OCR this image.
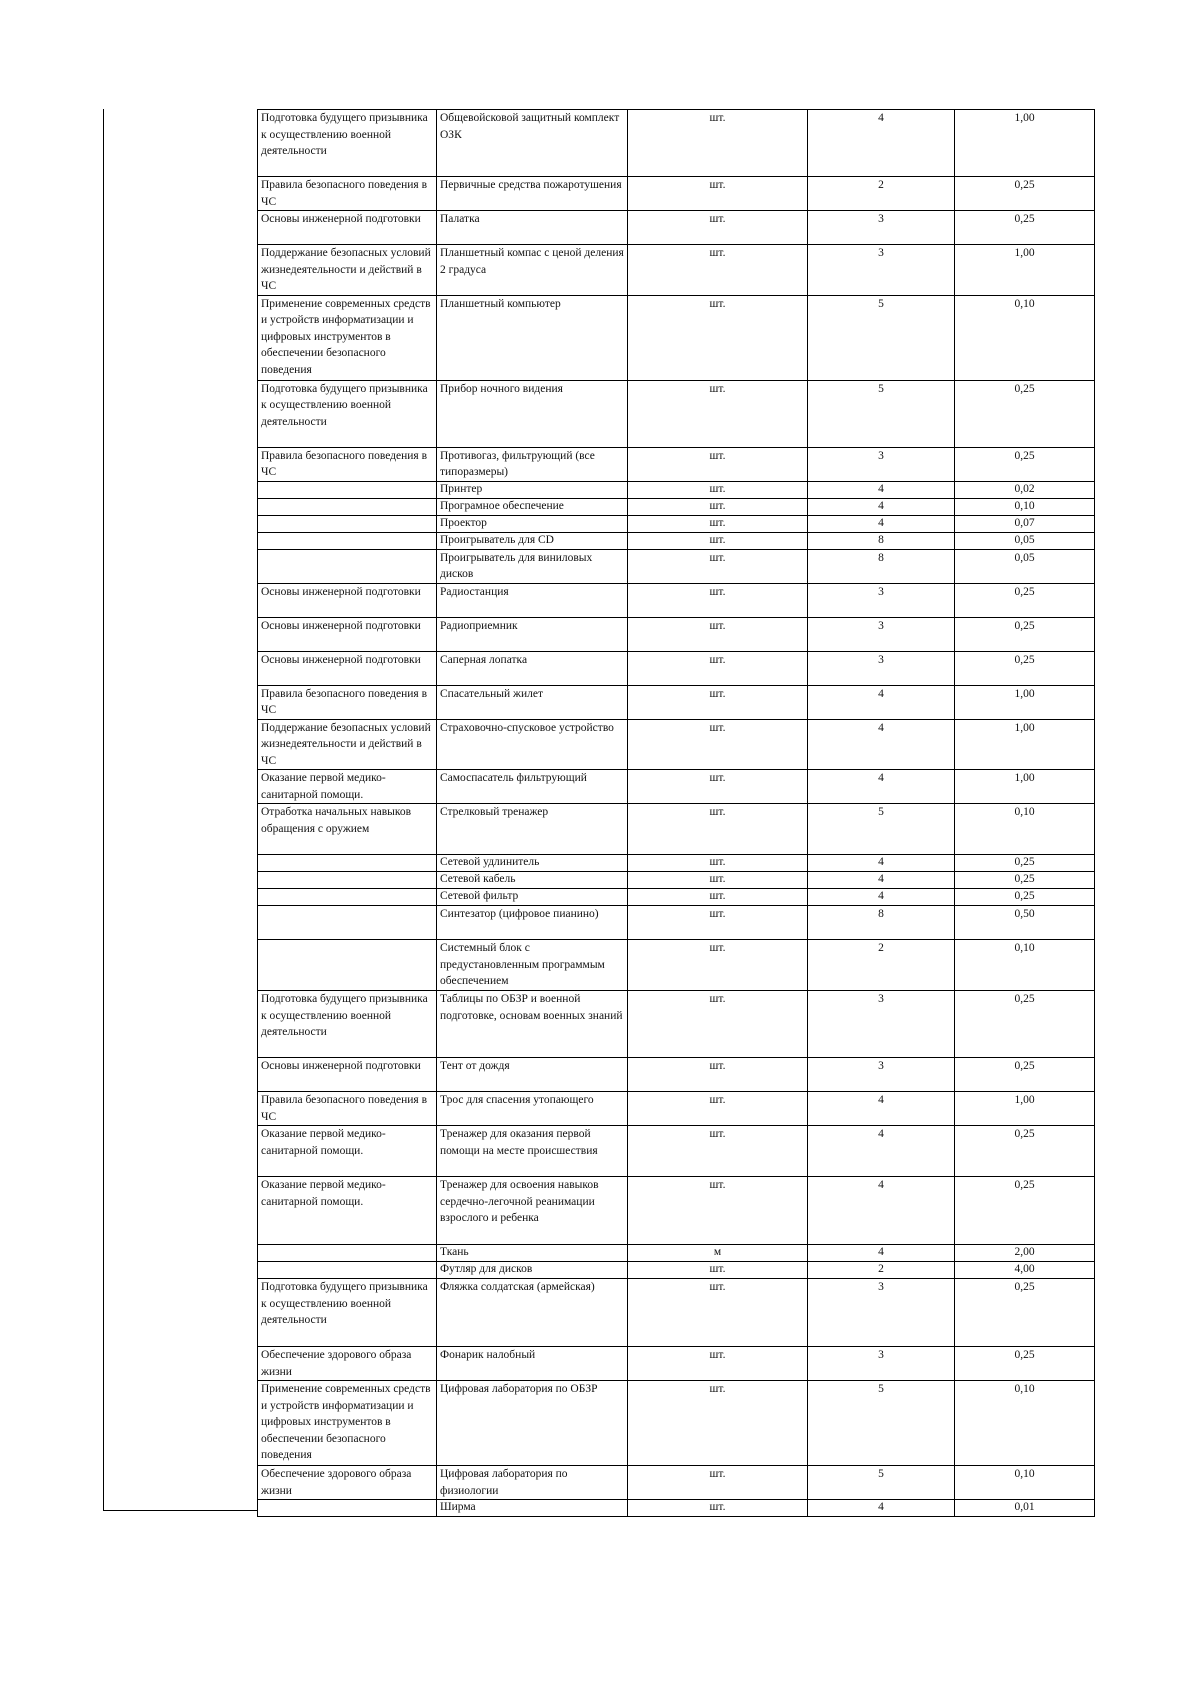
Подготовка будущего призывника к осуществлению военной деятельности	Общевойсковой защитный комплект ОЗК	шт.	4	1,00
Правила безопасного поведения в ЧС	Первичные средства пожаротушения	шт.	2	0,25
Основы инженерной подготовки	Палатка	шт.	3	0,25
Поддержание безопасных условий жизнедеятельности и действий в ЧС	Планшетный компас с ценой деления 2 градуса	шт.	3	1,00
Применение современных средств и устройств информатизации и цифровых инструментов в обеспечении безопасного поведения	Планшетный компьютер	шт.	5	0,10
Подготовка будущего призывника к осуществлению военной деятельности	Прибор ночного видения	шт.	5	0,25
Правила безопасного поведения в ЧС	Противогаз, фильтрующий (все типоразмеры)	шт.	3	0,25
	Принтер	шт.	4	0,02
	Програмное обеспечение	шт.	4	0,10
	Проектор	шт.	4	0,07
	Проигрыватель для CD	шт.	8	0,05
	Проигрыватель для виниловых дисков	шт.	8	0,05
Основы инженерной подготовки	Радиостанция	шт.	3	0,25
Основы инженерной подготовки	Радиоприемник	шт.	3	0,25
Основы инженерной подготовки	Саперная лопатка	шт.	3	0,25
Правила безопасного поведения в ЧС	Спасательный жилет	шт.	4	1,00
Поддержание безопасных условий жизнедеятельности и действий в ЧС	Страховочно-спусковое устройство	шт.	4	1,00
Оказание первой медико-санитарной помощи.	Самоспасатель фильтрующий	шт.	4	1,00
Отработка начальных навыков обращения с оружием	Стрелковый тренажер	шт.	5	0,10
	Сетевой удлинитель	шт.	4	0,25
	Сетевой кабель	шт.	4	0,25
	Сетевой фильтр	шт.	4	0,25
	Синтезатор (цифровое пианино)	шт.	8	0,50
	Системный блок с предустановленным программым обеспечением	шт.	2	0,10
Подготовка будущего призывника к осуществлению военной деятельности	Таблицы по ОБЗР и военной подготовке, основам военных знаний	шт.	3	0,25
Основы инженерной подготовки	Тент от дождя	шт.	3	0,25
Правила безопасного поведения в ЧС	Трос для спасения утопающего	шт.	4	1,00
Оказание первой медико-санитарной помощи.	Тренажер для оказания первой помощи на месте происшествия	шт.	4	0,25
Оказание первой медико-санитарной помощи.	Тренажер для освоения навыков сердечно-легочной реанимации взрослого и ребенка	шт.	4	0,25
	Ткань	м	4	2,00
	Футляр для дисков	шт.	2	4,00
Подготовка будущего призывника к осуществлению военной деятельности	Фляжка солдатская (армейская)	шт.	3	0,25
Обеспечение здорового образа жизни	Фонарик налобный	шт.	3	0,25
Применение современных средств и устройств информатизации и цифровых инструментов в обеспечении безопасного поведения	Цифровая лаборатория по ОБЗР	шт.	5	0,10
Обеспечение здорового образа жизни	Цифровая лаборатория по физиологии	шт.	5	0,10
	Ширма	шт.	4	0,01
